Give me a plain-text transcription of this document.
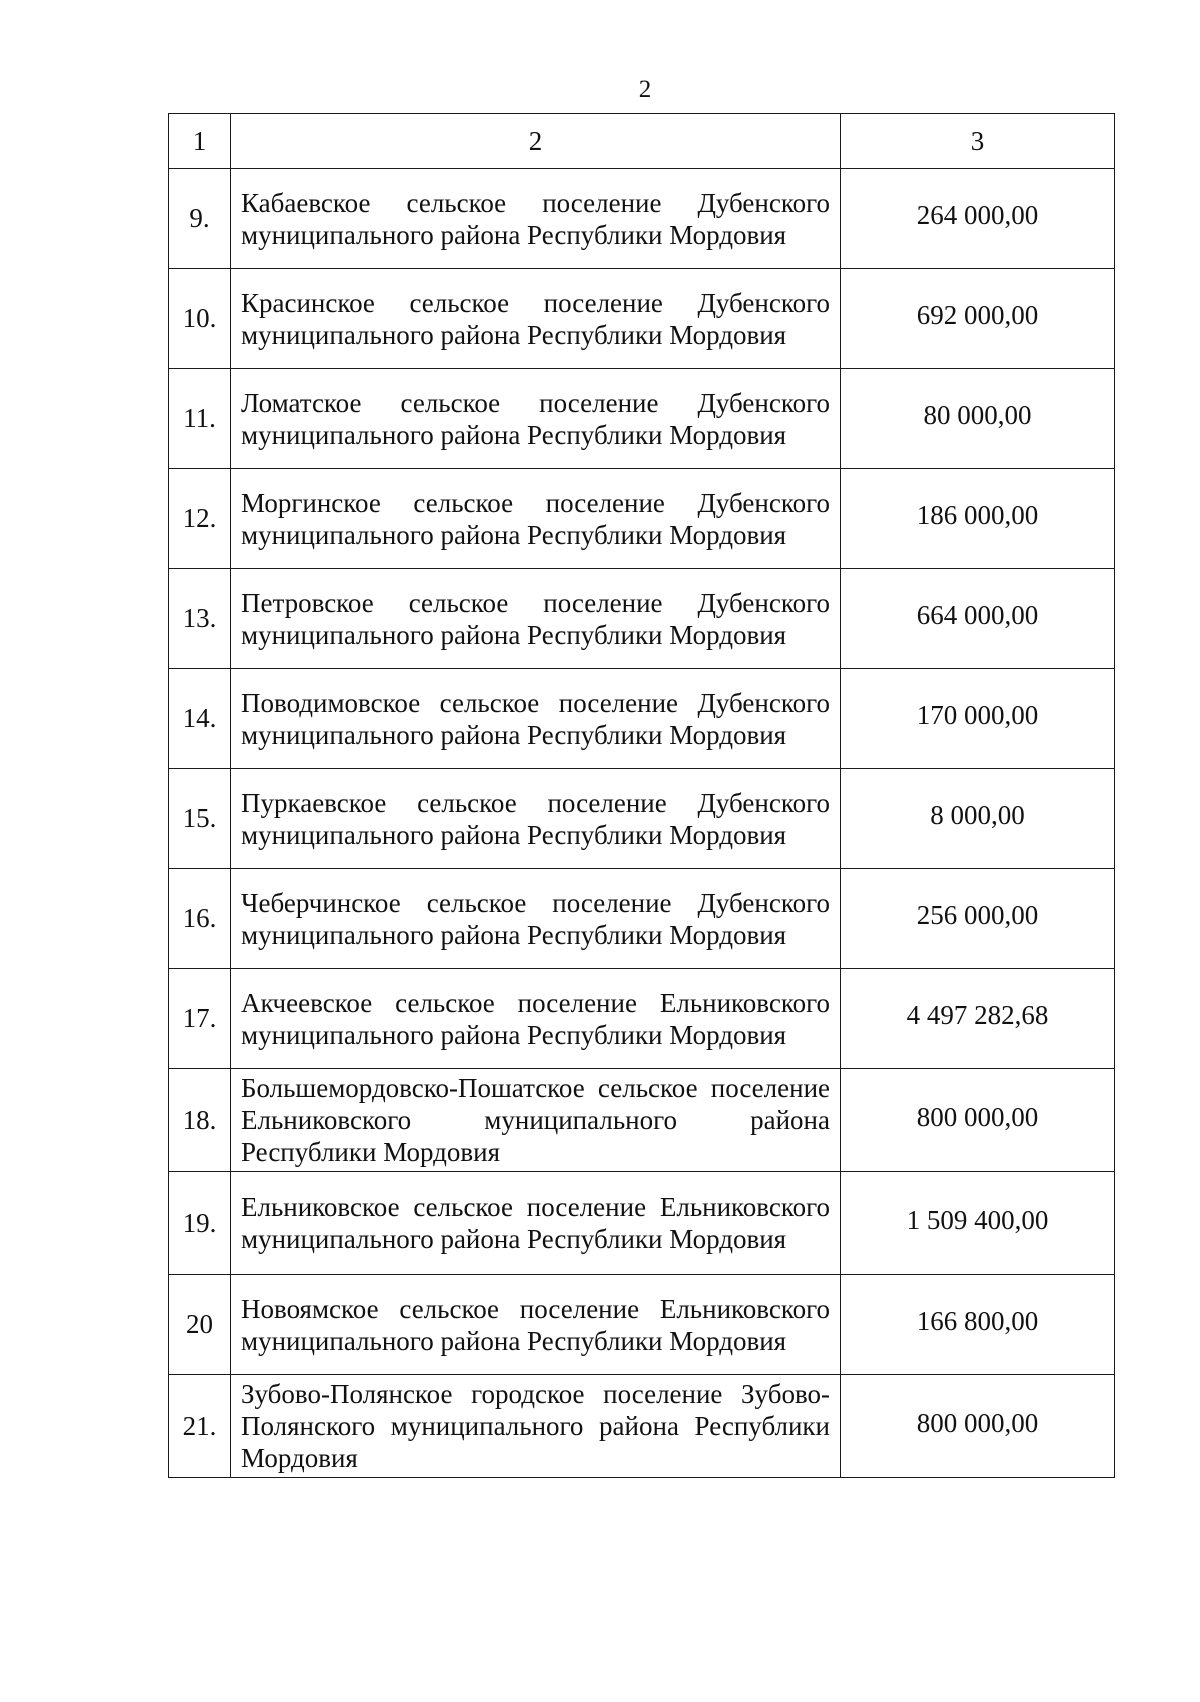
2
1	2	3
9.	Кабаевское сельское поселение Дубенского муниципального района Республики Мордовия	264 000,00
10.	Красинское сельское поселение Дубенского муниципального района Республики Мордовия	692 000,00
11.	Ломатское сельское поселение Дубенского муниципального района Республики Мордовия	80 000,00
12.	Моргинское сельское поселение Дубенского муниципального района Республики Мордовия	186 000,00
13.	Петровское сельское поселение Дубенского муниципального района Республики Мордовия	664 000,00
14.	Поводимовское сельское поселение Дубенского муниципального района Республики Мордовия	170 000,00
15.	Пуркаевское сельское поселение Дубенского муниципального района Республики Мордовия	8 000,00
16.	Чеберчинское сельское поселение Дубенского муниципального района Республики Мордовия	256 000,00
17.	Акчеевское сельское поселение Ельниковского муниципального района Республики Мордовия	4 497 282,68
18.	Большемордовско-Пошатское сельское поселение Ельниковского муниципального района Республики Мордовия	800 000,00
19.	Ельниковское сельское поселение Ельниковского муниципального района Республики Мордовия	1 509 400,00
20	Новоямское сельское поселение Ельниковского муниципального района Республики Мордовия	166 800,00
21.	Зубово-Полянское городское поселение Зубово-Полянского муниципального района Республики Мордовия	800 000,00
